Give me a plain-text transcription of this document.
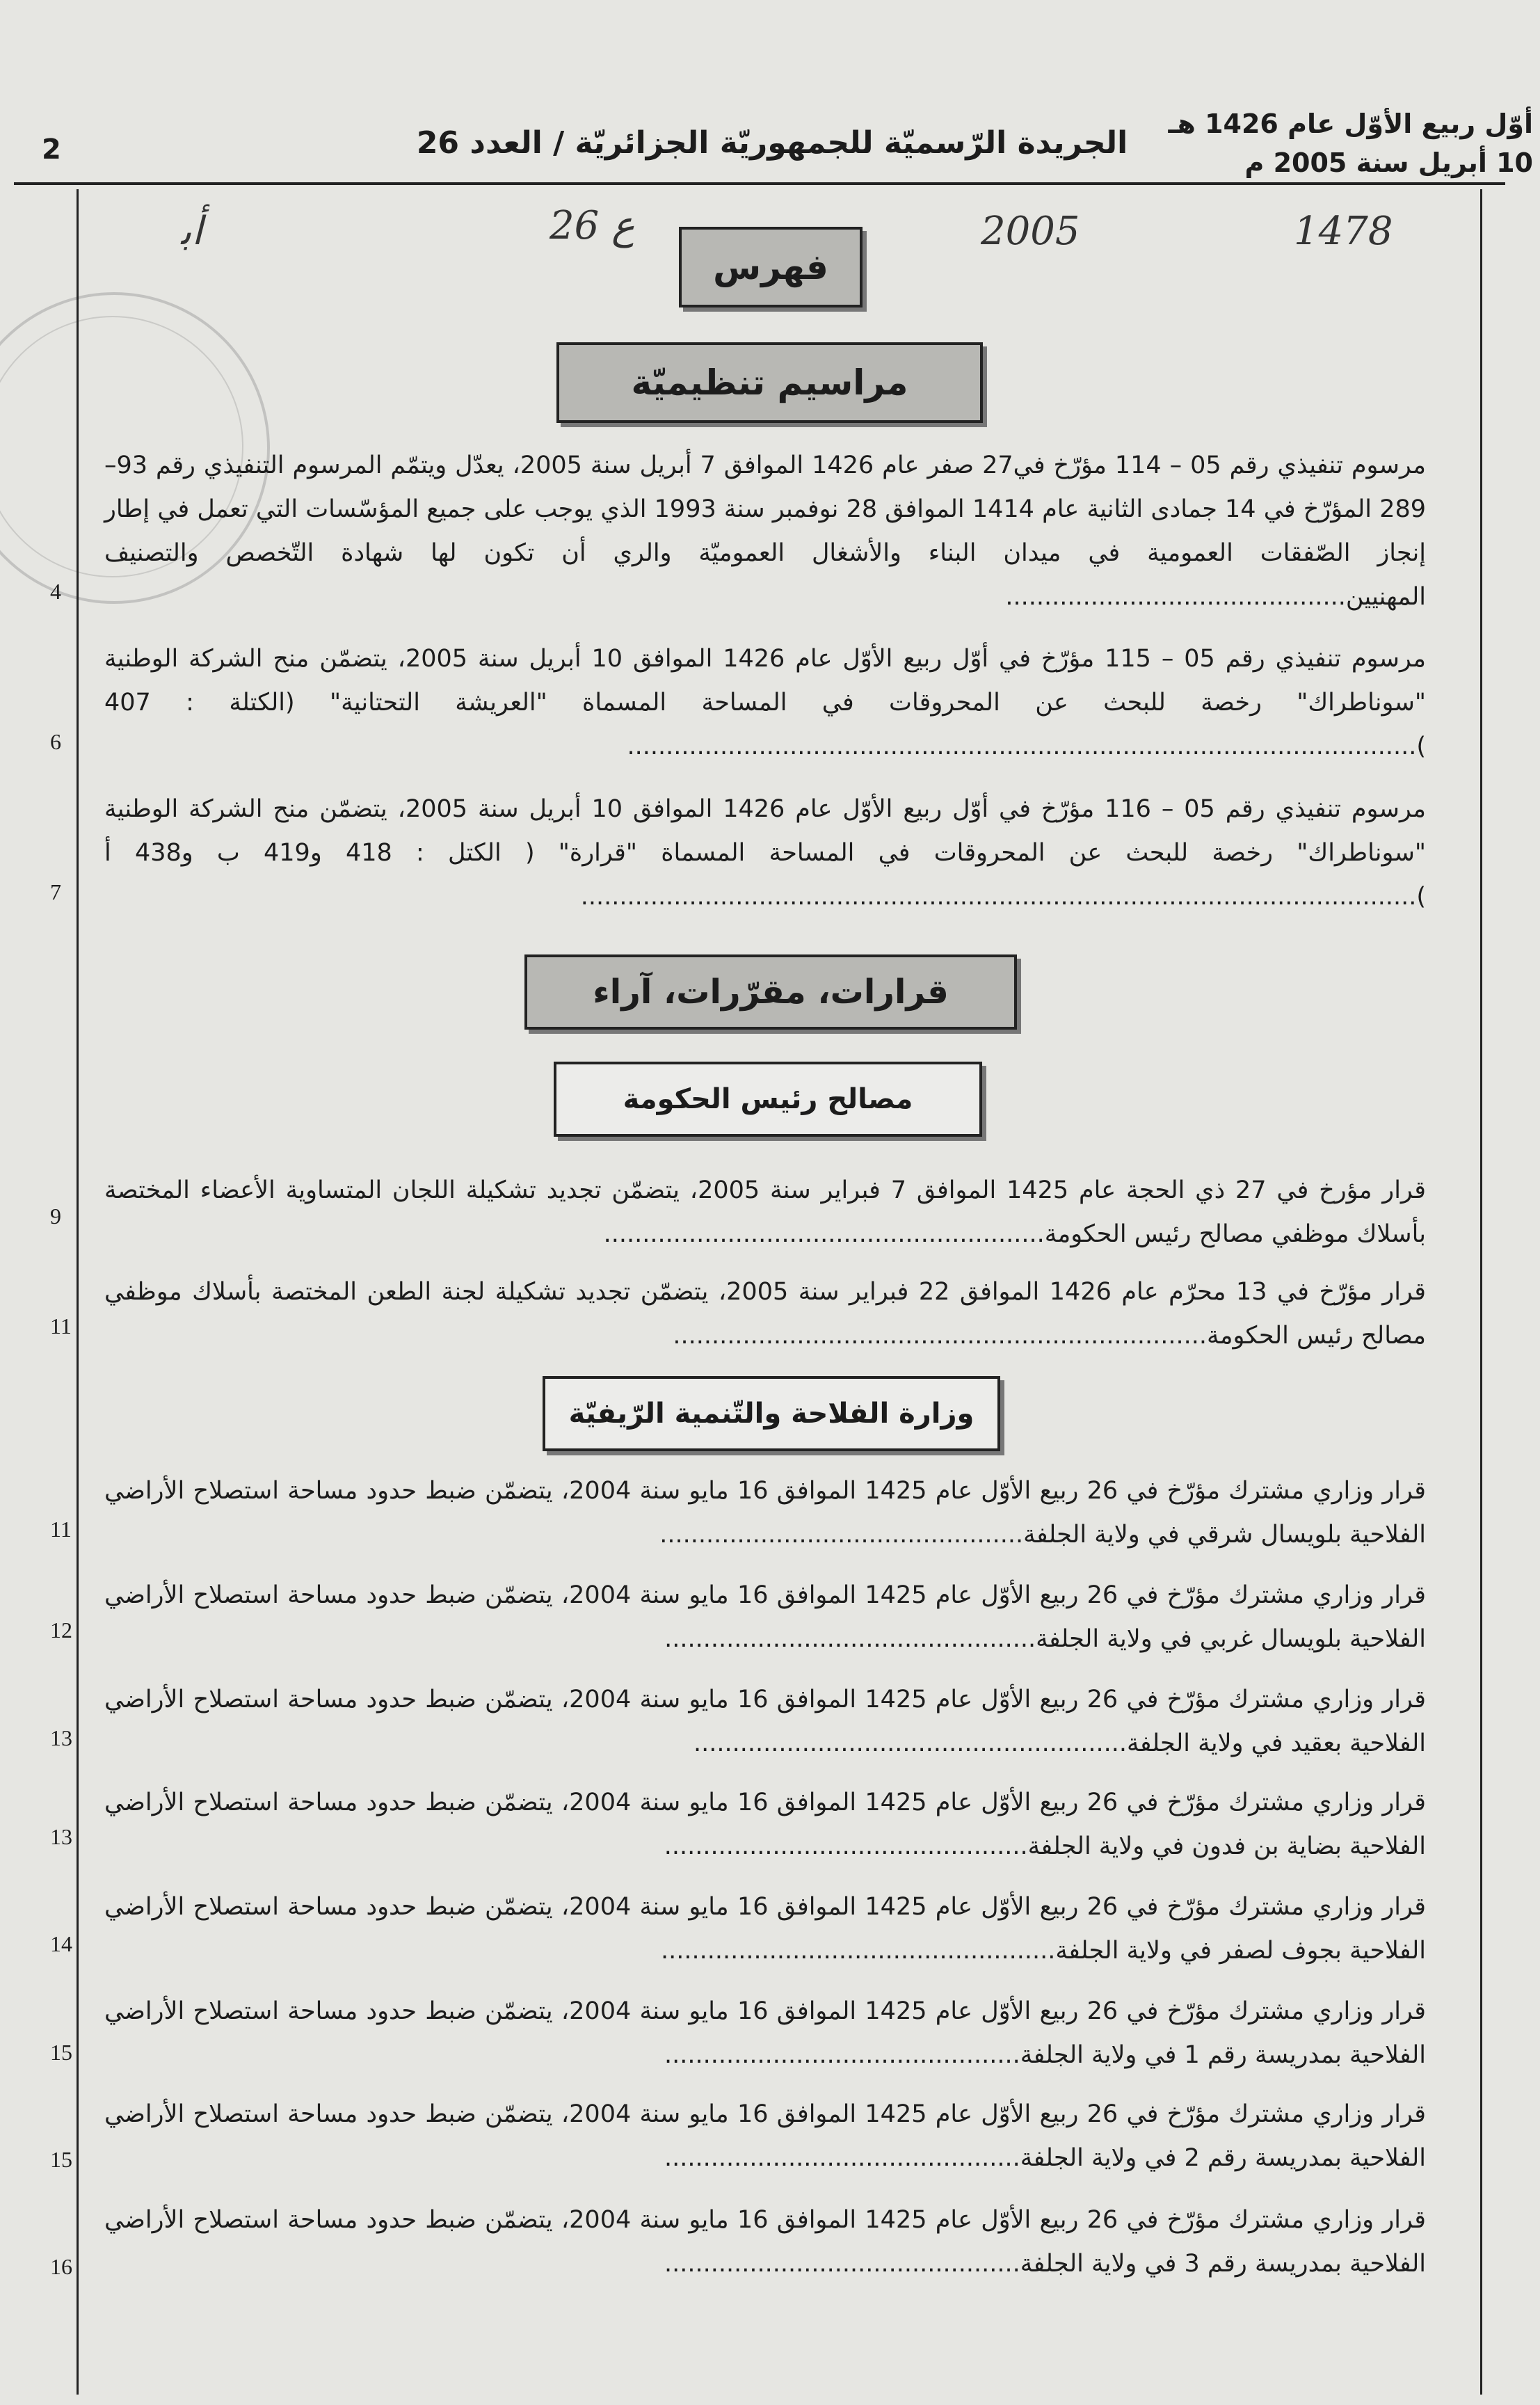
2	الجريدة الرّسميّة للجمهوريّة الجزائريّة / العدد 26
أوّل ربيع الأوّل عام 1426 هـ
10 أبريل سنة 2005 م
ﺃﺑ	26 ع	2005	1478
فهرس
مراسيم تنظيميّة
مرسوم تنفيذي رقم 05 – 114 مؤرّخ في27 صفر عام 1426 الموافق 7 أبريل سنة 2005، يعدّل ويتمّم المرسوم التنفيذي رقم 93–289 المؤرّخ في 14 جمادى الثانية عام 1414 الموافق 28 نوفمبر سنة 1993 الذي يوجب على جميع المؤسّسات التي تعمل في إطار إنجاز الصّفقات العمومية في ميدان البناء والأشغال العموميّة والري أن تكون لها شهادة التّخصص والتصنيف المهنيين............................................
4
مرسوم تنفيذي رقم 05 – 115 مؤرّخ في أوّل ربيع الأوّل عام 1426 الموافق 10 أبريل سنة 2005، يتضمّن منح الشركة الوطنية "سوناطراك" رخصة للبحث عن المحروقات في المساحة المسماة "العريشة التحتانية" (الكتلة : 407 )......................................................................................................
6
مرسوم تنفيذي رقم 05 – 116 مؤرّخ في أوّل ربيع الأوّل عام 1426 الموافق 10 أبريل سنة 2005، يتضمّن منح الشركة الوطنية "سوناطراك" رخصة للبحث عن المحروقات في المساحة المسماة "قرارة" ( الكتل : 418 و419 ب و438 أ )............................................................................................................
7
قرارات، مقرّرات، آراء
مصالح رئيس الحكومة
قرار مؤرخ في 27 ذي الحجة عام 1425 الموافق 7 فبراير سنة 2005، يتضمّن تجديد تشكيلة اللجان المتساوية الأعضاء المختصة بأسلاك موظفي مصالح رئيس الحكومة.........................................................
9
قرار مؤرّخ في 13 محرّم عام 1426 الموافق 22 فبراير سنة 2005، يتضمّن تجديد تشكيلة لجنة الطعن المختصة بأسلاك موظفي مصالح رئيس الحكومة.....................................................................
11
وزارة الفلاحة والتّنمية الرّيفيّة
قرار وزاري مشترك مؤرّخ في 26 ربيع الأوّل عام 1425 الموافق 16 مايو سنة 2004، يتضمّن ضبط حدود مساحة استصلاح الأراضي الفلاحية بلويسال شرقي في ولاية الجلفة...............................................
11
قرار وزاري مشترك مؤرّخ في 26 ربيع الأوّل عام 1425 الموافق 16 مايو سنة 2004، يتضمّن ضبط حدود مساحة استصلاح الأراضي الفلاحية بلويسال غربي في ولاية الجلفة................................................
12
قرار وزاري مشترك مؤرّخ في 26 ربيع الأوّل عام 1425 الموافق 16 مايو سنة 2004، يتضمّن ضبط حدود مساحة استصلاح الأراضي الفلاحية بعقيد في ولاية الجلفة........................................................
13
قرار وزاري مشترك مؤرّخ في 26 ربيع الأوّل عام 1425 الموافق 16 مايو سنة 2004، يتضمّن ضبط حدود مساحة استصلاح الأراضي الفلاحية بضاية بن فدون في ولاية الجلفة...............................................
13
قرار وزاري مشترك مؤرّخ في 26 ربيع الأوّل عام 1425 الموافق 16 مايو سنة 2004، يتضمّن ضبط حدود مساحة استصلاح الأراضي الفلاحية بجوف لصفر في ولاية الجلفة...................................................
14
قرار وزاري مشترك مؤرّخ في 26 ربيع الأوّل عام 1425 الموافق 16 مايو سنة 2004، يتضمّن ضبط حدود مساحة استصلاح الأراضي الفلاحية بمدريسة رقم 1 في ولاية الجلفة..............................................
15
قرار وزاري مشترك مؤرّخ في 26 ربيع الأوّل عام 1425 الموافق 16 مايو سنة 2004، يتضمّن ضبط حدود مساحة استصلاح الأراضي الفلاحية بمدريسة رقم 2 في ولاية الجلفة..............................................
15
قرار وزاري مشترك مؤرّخ في 26 ربيع الأوّل عام 1425 الموافق 16 مايو سنة 2004، يتضمّن ضبط حدود مساحة استصلاح الأراضي الفلاحية بمدريسة رقم 3 في ولاية الجلفة..............................................
16
